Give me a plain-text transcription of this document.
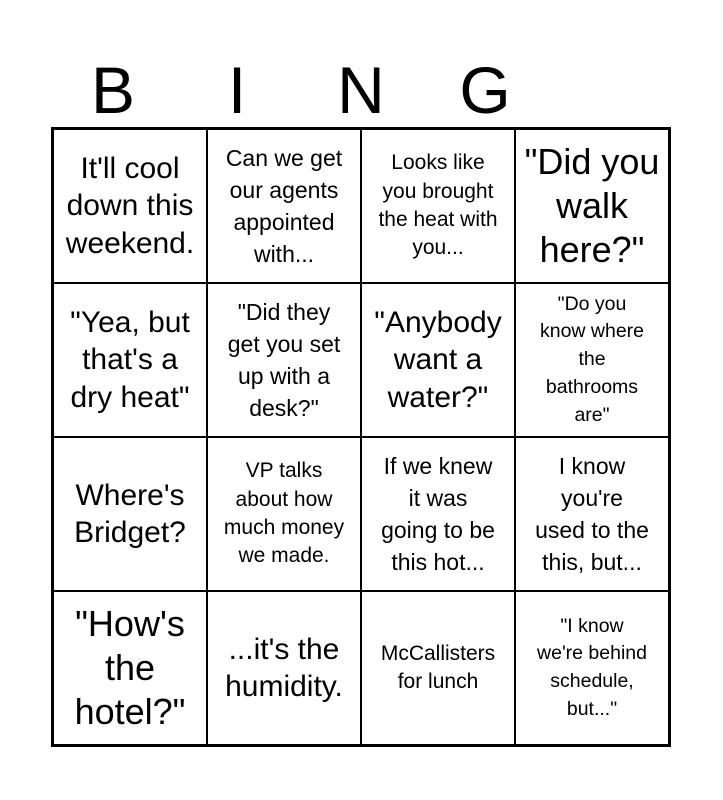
B	I	N	G
It'll cool
down this
weekend.
Can we get
our agents
appointed
with...
Looks like
you brought
the heat with
you...
"Did you
walk
here?"
"Yea, but
that's a
dry heat"
"Did they
get you set
up with a
desk?"
"Anybody
want a
water?"
"Do you
know where
the
bathrooms
are"
Where's
Bridget?
VP talks
about how
much money
we made.
If we knew
it was
going to be
this hot...
I know
you're
used to the
this, but...
"How's
the
hotel?"
...it's the
humidity.
McCallisters
for lunch
"I know
we're behind
schedule,
but..."
